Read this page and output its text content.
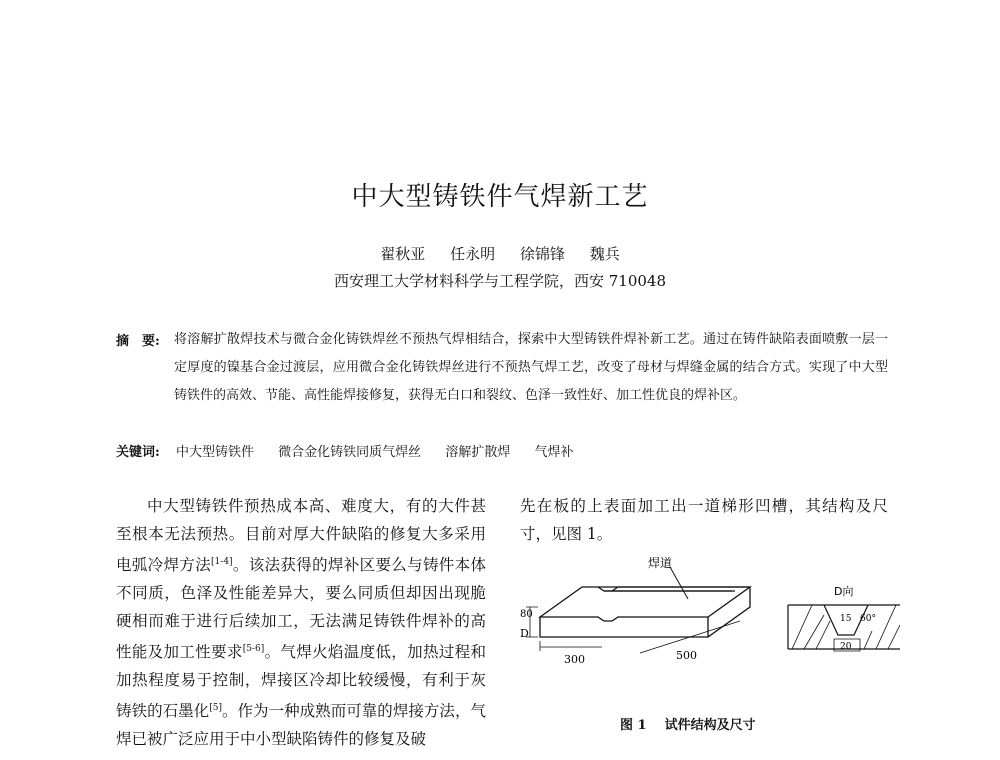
中大型铸铁件气焊新工艺
翟秋亚 任永明 徐锦锋 魏兵
西安理工大学材料科学与工程学院，西安 710048
摘　要: 将溶解扩散焊技术与微合金化铸铁焊丝不预热气焊相结合，探索中大型铸铁件焊补新工艺。通过在铸件缺陷表面喷敷一层一定厚度的镍基合金过渡层，应用微合金化铸铁焊丝进行不预热气焊工艺，改变了母材与焊缝金属的结合方式。实现了中大型铸铁件的高效、节能、高性能焊接修复，获得无白口和裂纹、色泽一致性好、加工性优良的焊补区。
关键词: 中大型铸铁件 微合金化铸铁同质气焊丝 溶解扩散焊 气焊补

中大型铸铁件预热成本高、难度大，有的大件甚至根本无法预热。目前对厚大件缺陷的修复大多采用电弧冷焊方法[1-4]。该法获得的焊补区要么与铸件本体不同质，色泽及性能差异大，要么同质但却因出现脆硬相而难于进行后续加工，无法满足铸铁件焊补的高性能及加工性要求[5-6]。气焊火焰温度低，加热过程和加热程度易于控制，焊接区冷却比较缓慢，有利于灰铸铁的石墨化[5]。作为一种成熟而可靠的焊接方法，气焊已被广泛应用于中小型缺陷铸件的修复及破

先在板的上表面加工出一道梯形凹槽，其结构及尺寸，见图 1。

焊道
80
D
300	500
D向
15 60°
20
图 1 试件结构及尺寸
